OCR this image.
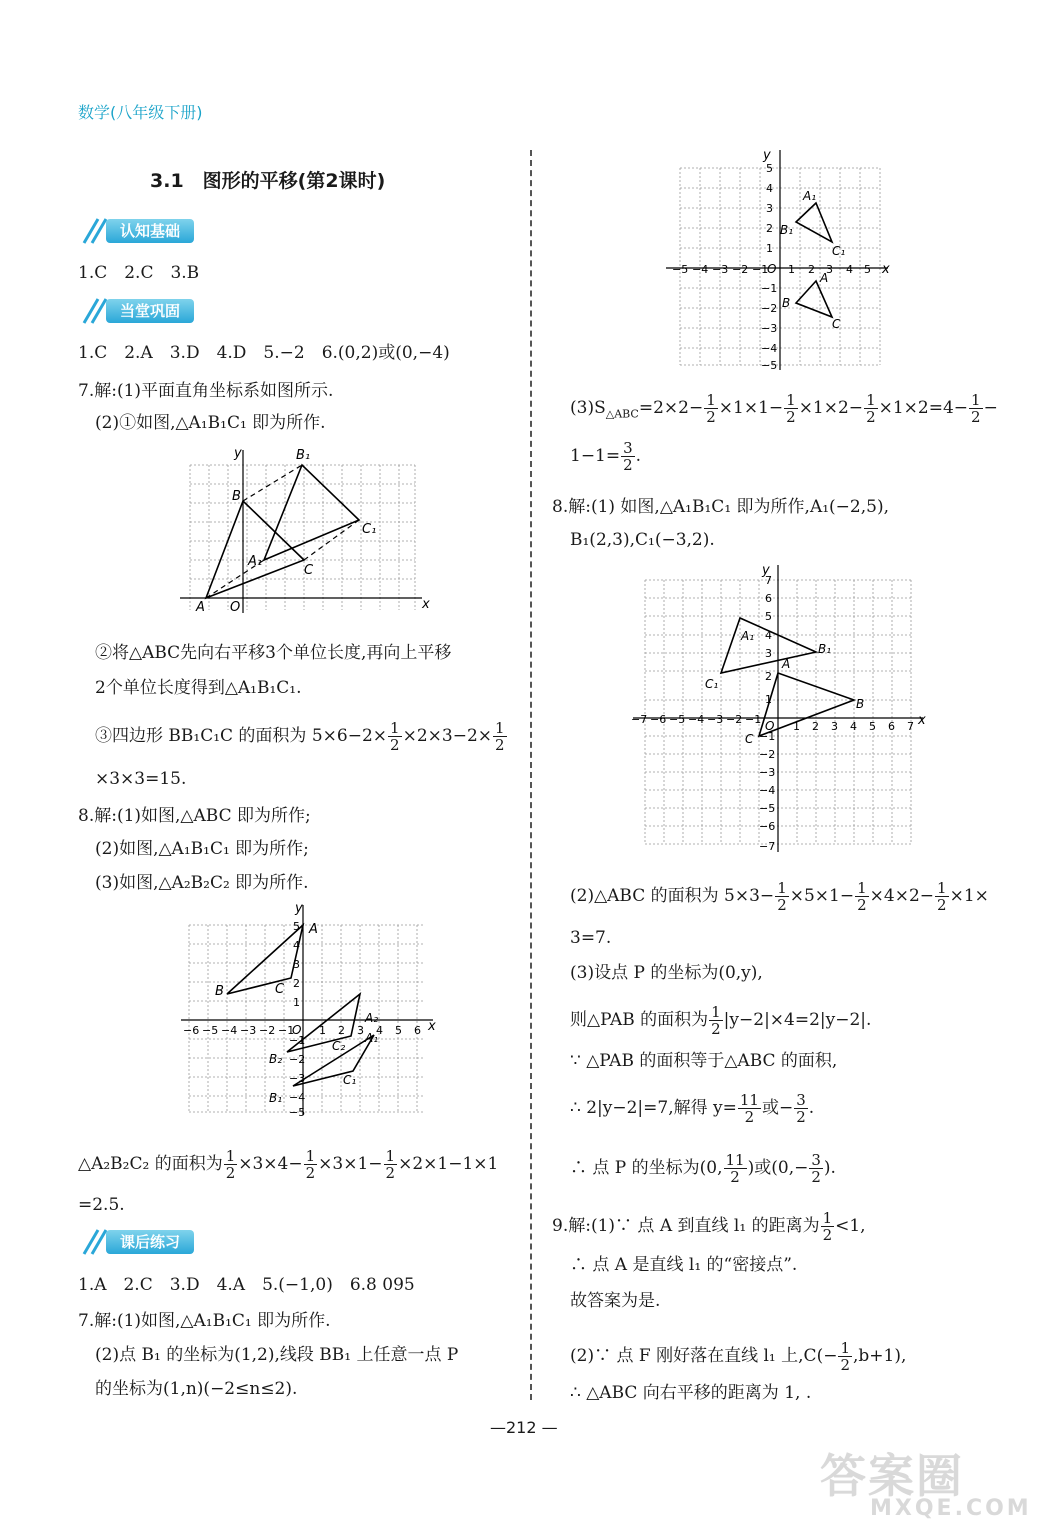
数学(八年级下册)
3.1　图形的平移(第2课时)
认知基础
当堂巩固
课后练习
1.C　2.C　3.B
1.C　2.A　3.D　4.D　5.−2　6.(0,2)或(0,−4)
7.解:(1)平面直角坐标系如图所示.
(2)①如图,△A₁B₁C₁ 即为所作.
y
x
O
A
B
C
A₁
B₁
C₁
②将△ABC先向右平移3个单位长度,再向上平移
2个单位长度得到△A₁B₁C₁.
③四边形 BB₁C₁C 的面积为 $5\times 6-2\times \frac{1}{2} \times 2\times 3-2\times \frac{1}{2}$
×3×3=15.
8.解:(1)如图,△ABC 即为所作;
(2)如图,△A₁B₁C₁ 即为所作;
(3)如图,△A₂B₂C₂ 即为所作.
y
x
O
A
B	C
A₂
B₂
C₂
A₁
B₁
C₁
−6 −5 −4 −3 −2 −1 1 2 3 4 5 6
5
4
3
2
1
−1
−2
−3
−4
−5
△A₂B₂C₂ 的面积为 $\frac{1}{2} \times 3\times 4- \frac{1}{2} \times 3\times 1- \frac{1}{2} \times 2\times 1-1\times 1$
=2.5.
1.A　2.C　3.D　4.A　5.(−1,0)　6.8 095
7.解:(1)如图,△A₁B₁C₁ 即为所作.
(2)点 B₁ 的坐标为(1,2),线段 BB₁ 上任意一点 P
的坐标为(1,n)(−2≤n≤2).
y
x
O
A₁
B₁
C₁
A
B
C
−5 −4 −3 −2 −1 1 2 3 4 5
5
4
3
2
1
−1
−2
−3
−4
−5
$(3)S_{\triangle ABC}=2\times 2- \frac{1}{2} \times 1\times 1- \frac{1}{2} \times 1\times 2- \frac{1}{2} \times 1\times 2=4- \frac{1}{2}$ −
$1-1= \frac{3}{2}$ .
8.解:(1) 如图,△A₁B₁C₁ 即为所作,A₁(−2,5),
B₁(2,3),C₁(−3,2).
y
x
O
A₁
B₁
C₁
A
B
C
−7 −6 −5 −4 −3 −2 −1
1 2 3 4 5 6 7
7
6
5
4
3
2
1
−1
−2
−3
−4
−5
−6
−7
(2)△ABC 的面积为 $5\times 3- \frac{1}{2} \times 5\times 1- \frac{1}{2} \times 4\times 2- \frac{1}{2} \times 1\times$
3=7.
(3)设点 P 的坐标为(0,y),
则△PAB 的面积为 $\frac{1}{2} |y-2|\times 4=2|y-2|$.
∵ △PAB 的面积等于△ABC 的面积,
∴ 2|y−2|=7,解得 $y= \frac{11}{2}$ 或− $\frac{3}{2}$ .
∴ 点 P 的坐标为(0, $\frac{11}{2}$ )或($0,- \frac{3}{2}$ ).
9.解:(1)∵ 点 A 到直线 l₁ 的距离为 $\frac{1}{2} <1$,
∴ 点 A 是直线 l₁ 的“密接点”.
故答案为是.
(2)∵ 点 F 刚好落在直线 l₁ 上$,C(- \frac{1}{2} ,b+1)$,
∴ △ABC 向右平移的距离为 1, .
—212 —
答案圈
MXQE.COM
